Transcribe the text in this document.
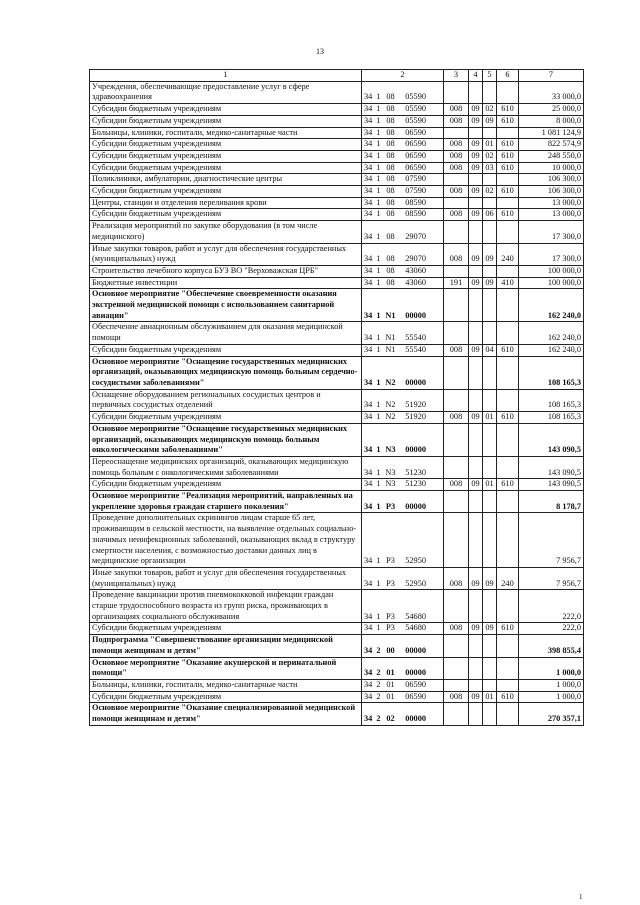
13
1	2	3	4	5	6	7
Учреждения, обеспечивающие предоставление услуг в сфере здравоохранения	34 1 08 05590					33 000,0
Субсидии бюджетным учреждениям	34 1 08 05590	008	09	02	610	25 000,0
Субсидии бюджетным учреждениям	34 1 08 05590	008	09	09	610	8 000,0
Больницы, клиники, госпитали, медико-санитарные части	34 1 08 06590					1 081 124,9
Субсидии бюджетным учреждениям	34 1 08 06590	008	09	01	610	822 574,9
Субсидии бюджетным учреждениям	34 1 08 06590	008	09	02	610	248 550,0
Субсидии бюджетным учреждениям	34 1 08 06590	008	09	03	610	10 000,0
Поликлиники, амбулатории, диагностические центры	34 1 08 07590					106 300,0
Субсидии бюджетным учреждениям	34 1 08 07590	008	09	02	610	106 300,0
Центры, станции и отделения переливания крови	34 1 08 08590					13 000,0
Субсидии бюджетным учреждениям	34 1 08 08590	008	09	06	610	13 000,0
Реализация мероприятий по закупке оборудования (в том числе медицинского)	34 1 08 29070					17 300,0
Иные закупки товаров, работ и услуг для обеспечения государственных (муниципальных) нужд	34 1 08 29070	008	09	09	240	17 300,0
Строительство лечебного корпуса БУЗ ВО "Верховажская ЦРБ"	34 1 08 43060					100 000,0
Бюджетные инвестиции	34 1 08 43060	191	09	09	410	100 000,0
Основное мероприятие "Обеспечение своевременности оказания экстренной медицинской помощи с использованием санитарной авиации"	34 1 N1 00000					162 240,0
Обеспечение авиационным обслуживанием для оказания медицинской помощи	34 1 N1 55540					162 240,0
Субсидии бюджетным учреждениям	34 1 N1 55540	008	09	04	610	162 240,0
Основное мероприятие "Оснащение государственных медицинских организаций, оказывающих медицинскую помощь больным сердечно-сосудистыми заболеваниями"	34 1 N2 00000					108 165,3
Оснащение оборудованием региональных сосудистых центров и первичных сосудистых отделений	34 1 N2 51920					108 165,3
Субсидии бюджетным учреждениям	34 1 N2 51920	008	09	01	610	108 165,3
Основное мероприятие "Оснащение государственных медицинских организаций, оказывающих медицинскую помощь больным онкологическими заболеваниями"	34 1 N3 00000					143 090,5
Переоснащение медицинских организаций, оказывающих медицинскую помощь больным с онкологическими заболеваниями	34 1 N3 51230					143 090,5
Субсидии бюджетным учреждениям	34 1 N3 51230	008	09	01	610	143 090,5
Основное мероприятие "Реализация мероприятий, направленных на укрепление здоровья граждан старшего поколения"	34 1 P3 00000					8 178,7
Проведение дополнительных скринингов лицам старше 65 лет, проживающим в сельской местности, на выявление отдельных социально-значимых неинфекционных заболеваний, оказывающих вклад в структуру смертности населения, с возможностью доставки данных лиц в медицинские организации	34 1 P3 52950					7 956,7
Иные закупки товаров, работ и услуг для обеспечения государственных (муниципальных) нужд	34 1 P3 52950	008	09	09	240	7 956,7
Проведение вакцинации против пневмококковой инфекции граждан старше трудоспособного возраста из групп риска, проживающих в организациях социального обслуживания	34 1 P3 54680					222,0
Субсидии бюджетным учреждениям	34 1 P3 54680	008	09	09	610	222,0
Подпрограмма "Совершенствование организации медицинской помощи женщинам и детям"	34 2 00 00000					398 855,4
Основное мероприятие "Оказание акушерской и перинатальной помощи"	34 2 01 00000					1 000,0
Больницы, клиники, госпитали, медико-санитарные части	34 2 01 06590					1 000,0
Субсидии бюджетным учреждениям	34 2 01 06590	008	09	01	610	1 000,0
Основное мероприятие "Оказание специализированной медицинской помощи женщинам и детям"	34 2 02 00000					270 357,1
1
